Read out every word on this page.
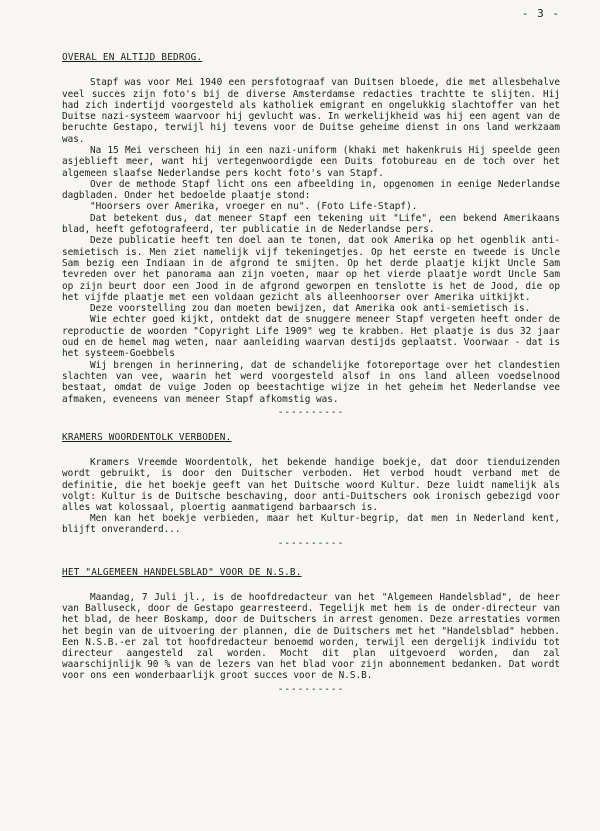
- 3 -
OVERAL EN ALTIJD BEDROG.

Stapf was voor Mei 1940 een persfotograaf van Duitsen bloede, die met allesbehalve veel succes zijn foto's bij de diverse Amsterdamse redacties trachtte te slijten. Hij had zich indertijd voorgesteld als katholiek emigrant en ongelukkig slachtoffer van het Duitse nazi-systeem waarvoor hij gevlucht was. In werkelijkheid was hij een agent van de beruchte Gestapo, terwijl hij tevens voor de Duitse geheime dienst in ons land werkzaam was.

Na 15 Mei verscheen hij in een nazi-uniform (khaki met hakenkruis Hij speelde geen asjeblieft meer, want hij vertegenwoordigde een Duits fotobureau en de toch over het algemeen slaafse Nederlandse pers kocht foto's van Stapf.

Over de methode Stapf licht ons een afbeelding in, opgenomen in eenige Nederlandse dagbladen. Onder het bedoelde plaatje stond:

"Hoorsers over Amerika, vroeger en nu". (Foto Life-Stapf).

Dat betekent dus, dat meneer Stapf een tekening uit "Life", een bekend Amerikaans blad, heeft gefotografeerd, ter publicatie in de Nederlandse pers.

Deze publicatie heeft ten doel aan te tonen, dat ook Amerika op het ogenblik anti-semietisch is. Men ziet namelijk vijf tekeningetjes. Op het eerste en tweede is Uncle Sam bezig een Indiaan in de afgrond te smijten. Op het derde plaatje kijkt Uncle Sam tevreden over het panorama aan zijn voeten, maar op het vierde plaatje wordt Uncle Sam op zijn beurt door een Jood in de afgrond geworpen en tenslotte is het de Jood, die op het vijfde plaatje met een voldaan gezicht als alleenhoorser over Amerika uitkijkt.

Deze voorstelling zou dan moeten bewijzen, dat Amerika ook anti-semietisch is.

Wie echter goed kijkt, ontdekt dat de snuggere meneer Stapf vergeten heeft onder de reproductie de woorden "Copyright Life 1909" weg te krabben. Het plaatje is dus 32 jaar oud en de hemel mag weten, naar aanleiding waarvan destijds geplaatst. Voorwaar - dat is het systeem-Goebbels

Wij brengen in herinnering, dat de schandelijke fotoreportage over het clandestien slachten van vee, waarin het werd voorgesteld alsof in ons land alleen voedselnood bestaat, omdat de vuige Joden op beestachtige wijze in het geheim het Nederlandse vee afmaken, eveneens van meneer Stapf afkomstig was.

----------
KRAMERS WOORDENTOLK VERBODEN.

Kramers Vreemde Woordentolk, het bekende handige boekje, dat door tienduizenden wordt gebruikt, is door den Duitscher verboden. Het verbod houdt verband met de definitie, die het boekje geeft van het Duitsche woord Kultur. Deze luidt namelijk als volgt: Kultur is de Duitsche beschaving, door anti-Duitschers ook ironisch gebezigd voor alles wat kolossaal, ploertig aanmatigend barbaarsch is.

Men kan het boekje verbieden, maar het Kultur-begrip, dat men in Nederland kent, blijft onveranderd...

----------
HET "ALGEMEEN HANDELSBLAD" VOOR DE N.S.B.

Maandag, 7 Juli jl., is de hoofdredacteur van het "Algemeen Handelsblad", de heer van Balluseck, door de Gestapo gearresteerd. Tegelijk met hem is de onder-directeur van het blad, de heer Boskamp, door de Duitschers in arrest genomen. Deze arrestaties vormen het begin van de uitvoering der plannen, die de Duitschers met het "Handelsblad" hebben. Een N.S.B.-er zal tot hoofdredacteur benoemd worden, terwijl een dergelijk individu tot directeur aangesteld zal worden. Mocht dit plan uitgevoerd worden, dan zal waarschijnlijk 90 % van de lezers van het blad voor zijn abonnement bedanken. Dat wordt voor ons een wonderbaarlijk groot succes voor de N.S.B.

----------
